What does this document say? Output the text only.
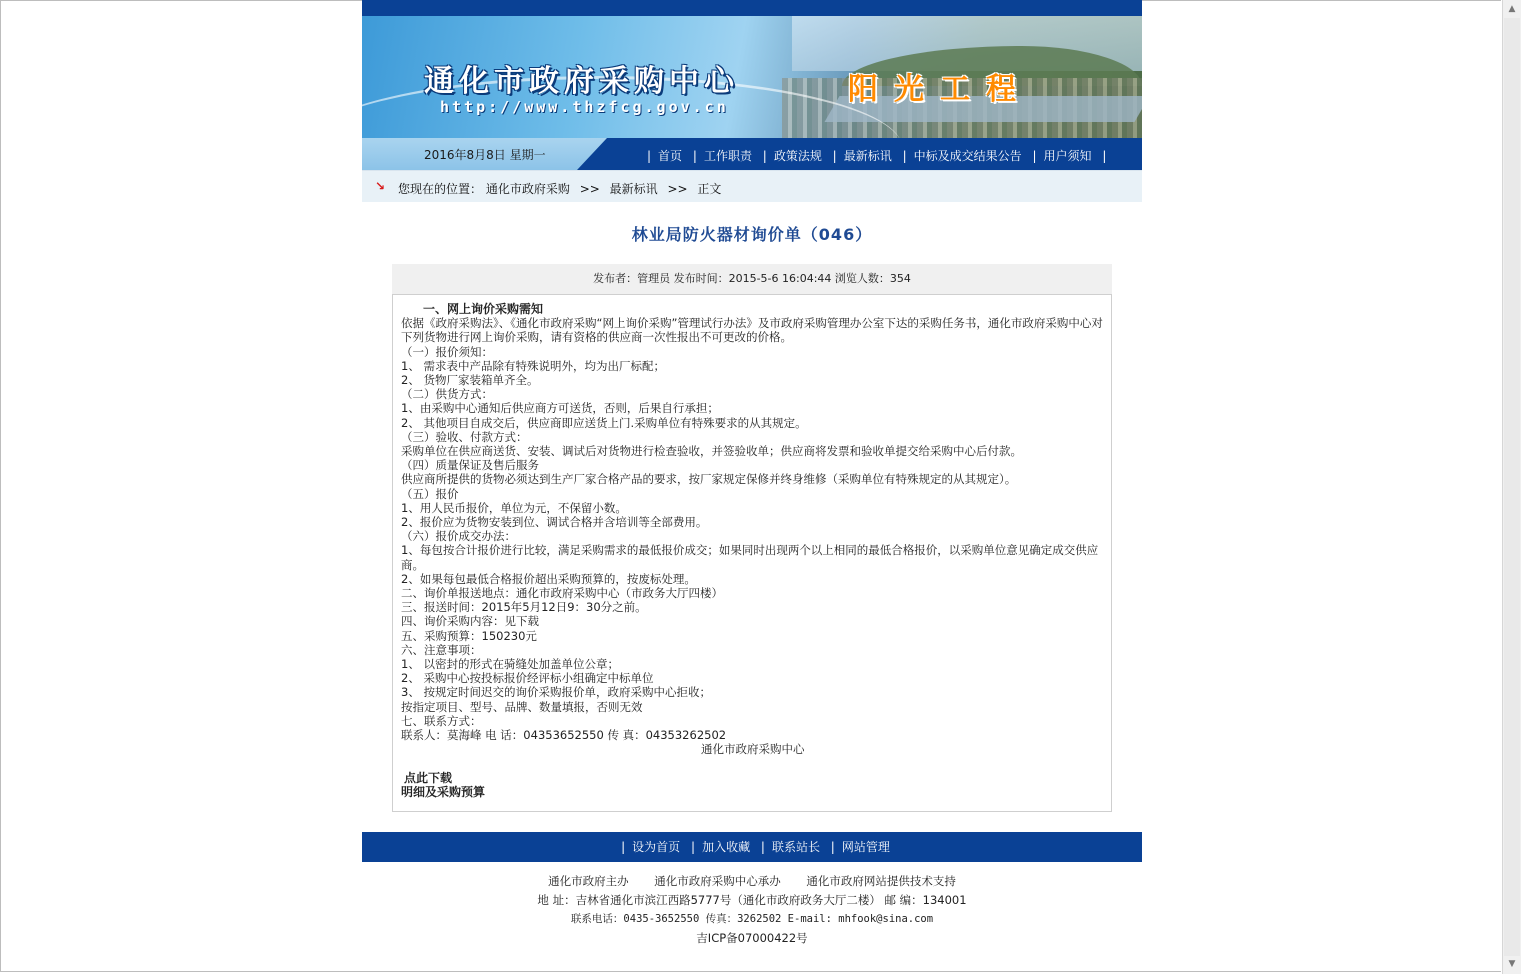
通化市政府采购中心
http://www.thzfcg.gov.cn	阳光工程
2016年8月8日 星期一	| 首页 | 工作职责 | 政策法规 | 最新标讯 | 中标及成交结果公告 | 用户须知 |
↘ 您现在的位置： 通化市政府采购 >> 最新标讯 >> 正文
林业局防火器材询价单（046）
发布者：管理员 发布时间：2015-5-6 16:04:44 浏览人数：354
一、网上询价采购需知

依据《政府采购法》、《通化市政府采购“网上询价采购”管理试行办法》及市政府采购管理办公室下达的采购任务书，通化市政府采购中心对下列货物进行网上询价采购，请有资格的供应商一次性报出不可更改的价格。

（一）报价须知：

1、 需求表中产品除有特殊说明外，均为出厂标配；

2、 货物厂家装箱单齐全。

（二）供货方式：

1、由采购中心通知后供应商方可送货，否则，后果自行承担；

2、 其他项目自成交后，供应商即应送货上门.采购单位有特殊要求的从其规定。

（三）验收、付款方式：

采购单位在供应商送货、安装、调试后对货物进行检查验收，并签验收单；供应商将发票和验收单提交给采购中心后付款。

（四）质量保证及售后服务

供应商所提供的货物必须达到生产厂家合格产品的要求，按厂家规定保修并终身维修（采购单位有特殊规定的从其规定）。

（五）报价

1、用人民币报价，单位为元，不保留小数。

2、报价应为货物安装到位、调试合格并含培训等全部费用。

（六）报价成交办法：

1、每包按合计报价进行比较，满足采购需求的最低报价成交；如果同时出现两个以上相同的最低合格报价，以采购单位意见确定成交供应商。

2、如果每包最低合格报价超出采购预算的，按废标处理。

二、询价单报送地点：通化市政府采购中心（市政务大厅四楼）

三、报送时间：2015年5月12日9：30分之前。

四、询价采购内容：见下载

五、采购预算：150230元

六、注意事项：

1、 以密封的形式在骑缝处加盖单位公章；

2、 采购中心按投标报价经评标小组确定中标单位

3、 按规定时间迟交的询价采购报价单，政府采购中心拒收；

按指定项目、型号、品牌、数量填报，否则无效

七、联系方式：

联系人：莫海峰 电 话：04353652550 传 真：04353262502

通化市政府采购中心

点此下载

明细及采购预算

| 设为首页 | 加入收藏 | 联系站长 | 网站管理
通化市政府主办 通化市政府采购中心承办 通化市政府网站提供技术支持
地 址：吉林省通化市滨江西路5777号（通化市政府政务大厅二楼） 邮 编：134001
联系电话：0435-3652550 传真：3262502 E-mail: mhfook@sina.com
吉ICP备07000422号
▲
▼
